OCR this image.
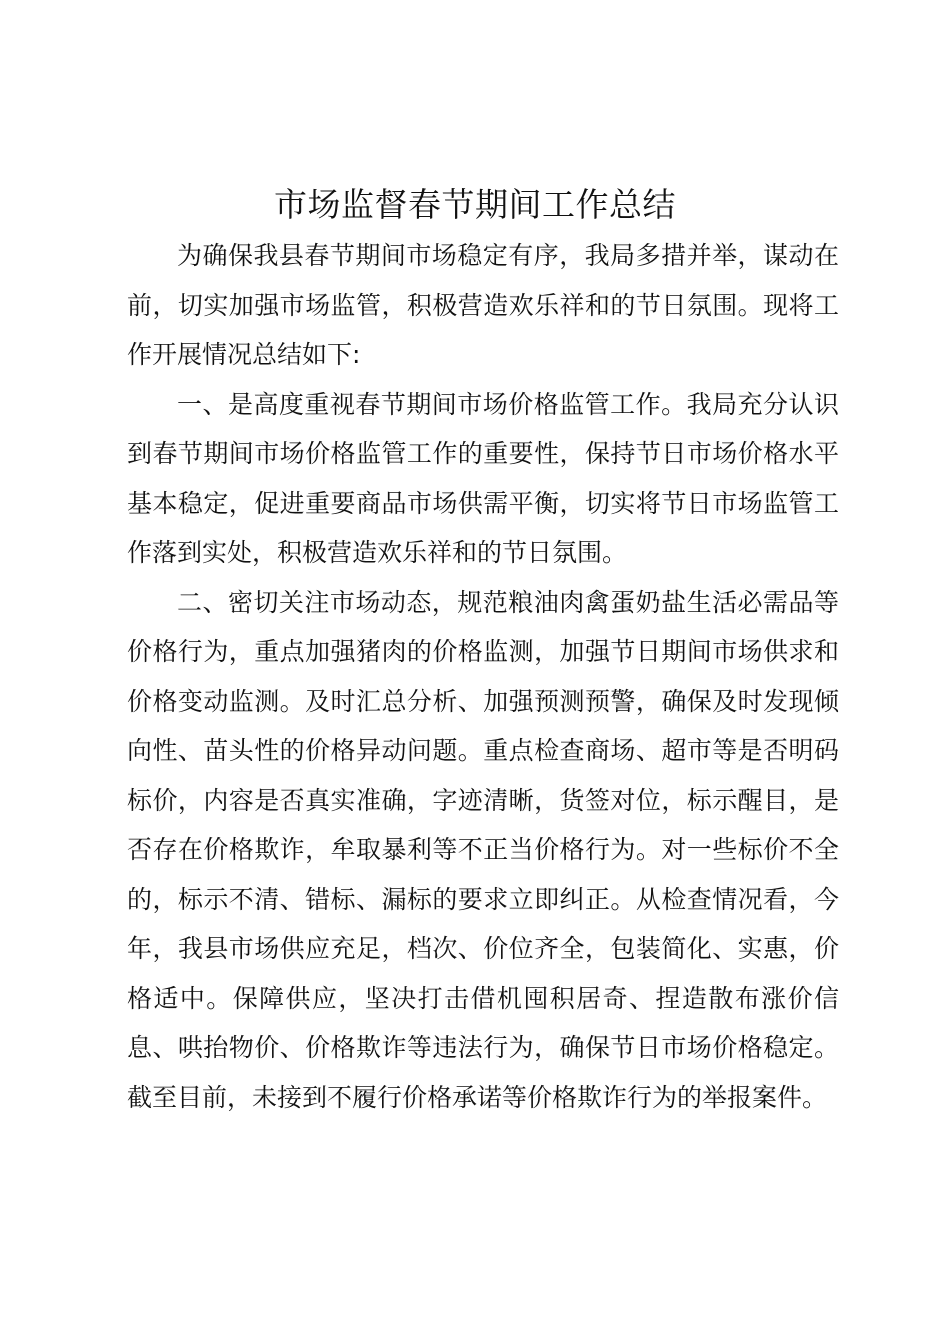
市场监督春节期间工作总结

为确保我县春节期间市场稳定有序，我局多措并举，谋动在前，切实加强市场监管，积极营造欢乐祥和的节日氛围。现将工作开展情况总结如下:

一、是高度重视春节期间市场价格监管工作。我局充分认识到春节期间市场价格监管工作的重要性，保持节日市场价格水平基本稳定，促进重要商品市场供需平衡，切实将节日市场监管工作落到实处，积极营造欢乐祥和的节日氛围。

二、密切关注市场动态，规范粮油肉禽蛋奶盐生活必需品等价格行为，重点加强猪肉的价格监测，加强节日期间市场供求和价格变动监测。及时汇总分析、加强预测预警，确保及时发现倾向性、苗头性的价格异动问题。重点检查商场、超市等是否明码标价，内容是否真实准确，字迹清晰，货签对位，标示醒目，是否存在价格欺诈，牟取暴利等不正当价格行为。对一些标价不全的，标示不清、错标、漏标的要求立即纠正。从检查情况看，今年，我县市场供应充足，档次、价位齐全，包装简化、实惠，价格适中。保障供应，坚决打击借机囤积居奇、捏造散布涨价信息、哄抬物价、价格欺诈等违法行为，确保节日市场价格稳定。截至目前，未接到不履行价格承诺等价格欺诈行为的举报案件。
